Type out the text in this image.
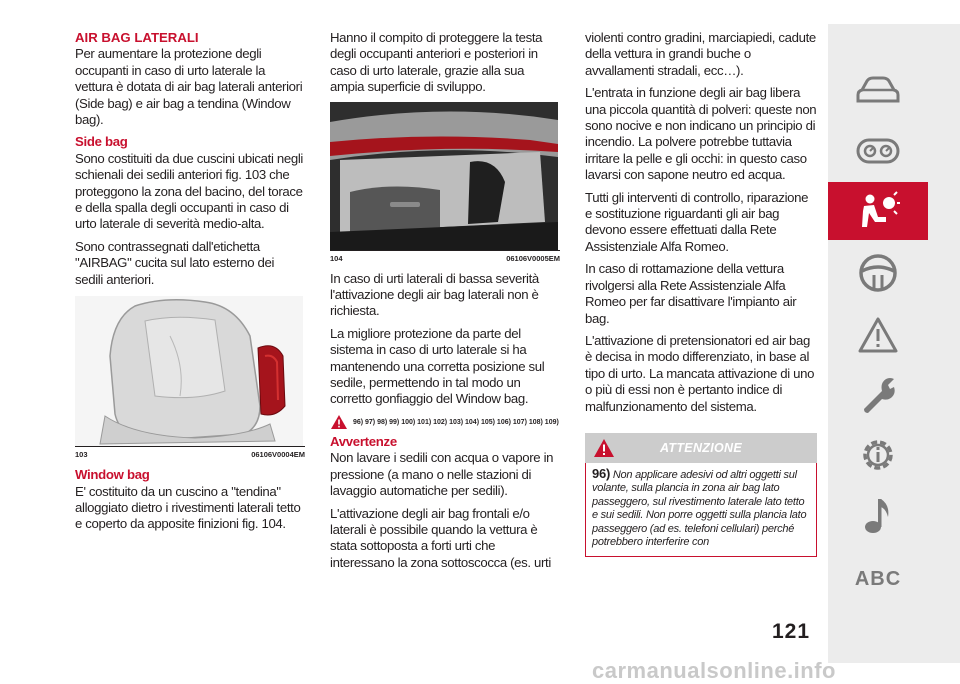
AIR BAG LATERALI

Per aumentare la protezione degli occupanti in caso di urto laterale la vettura è dotata di air bag laterali anteriori (Side bag) e air bag a tendina (Window bag).

Side bag

Sono costituiti da due cuscini ubicati negli schienali dei sedili anteriori fig. 103 che proteggono la zona del bacino, del torace e della spalla degli occupanti in caso di urto laterale di severità medio-alta.

Sono contrassegnati dall'etichetta "AIRBAG" cucita sul lato esterno dei sedili anteriori.

103	06106V0004EM
Window bag

E' costituito da un cuscino a "tendina" alloggiato dietro i rivestimenti laterali tetto e coperto da apposite finizioni fig. 104.

Hanno il compito di proteggere la testa degli occupanti anteriori e posteriori in caso di urto laterale, grazie alla sua ampia superficie di sviluppo.

104	06106V0005EM

In caso di urti laterali di bassa severità l'attivazione degli air bag laterali non è richiesta.

La migliore protezione da parte del sistema in caso di urto laterale si ha mantenendo una corretta posizione sul sedile, permettendo in tal modo un corretto gonfiaggio del Window bag.

96) 97) 98) 99) 100) 101) 102) 103) 104) 105) 106) 107) 108) 109)
Avvertenze

Non lavare i sedili con acqua o vapore in pressione (a mano o nelle stazioni di lavaggio automatiche per sedili).

L'attivazione degli air bag frontali e/o laterali è possibile quando la vettura è stata sottoposta a forti urti che interessano la zona sottoscocca (es. urti

violenti contro gradini, marciapiedi, cadute della vettura in grandi buche o avvallamenti stradali, ecc…).

L'entrata in funzione degli air bag libera una piccola quantità di polveri: queste non sono nocive e non indicano un principio di incendio. La polvere potrebbe tuttavia irritare la pelle e gli occhi: in questo caso lavarsi con sapone neutro ed acqua.

Tutti gli interventi di controllo, riparazione e sostituzione riguardanti gli air bag devono essere effettuati dalla Rete Assistenziale Alfa Romeo.

In caso di rottamazione della vettura rivolgersi alla Rete Assistenziale Alfa Romeo per far disattivare l'impianto air bag.

L'attivazione di pretensionatori ed air bag è decisa in modo differenziato, in base al tipo di urto. La mancata attivazione di uno o più di essi non è pertanto indice di malfunzionamento del sistema.

ATTENZIONE
96) Non applicare adesivi od altri oggetti sul volante, sulla plancia in zona air bag lato passeggero, sul rivestimento laterale lato tetto e sui sedili. Non porre oggetti sulla plancia lato passeggero (ad es. telefoni cellulari) perché potrebbero interferire con
ABC
121
carmanualsonline.info
